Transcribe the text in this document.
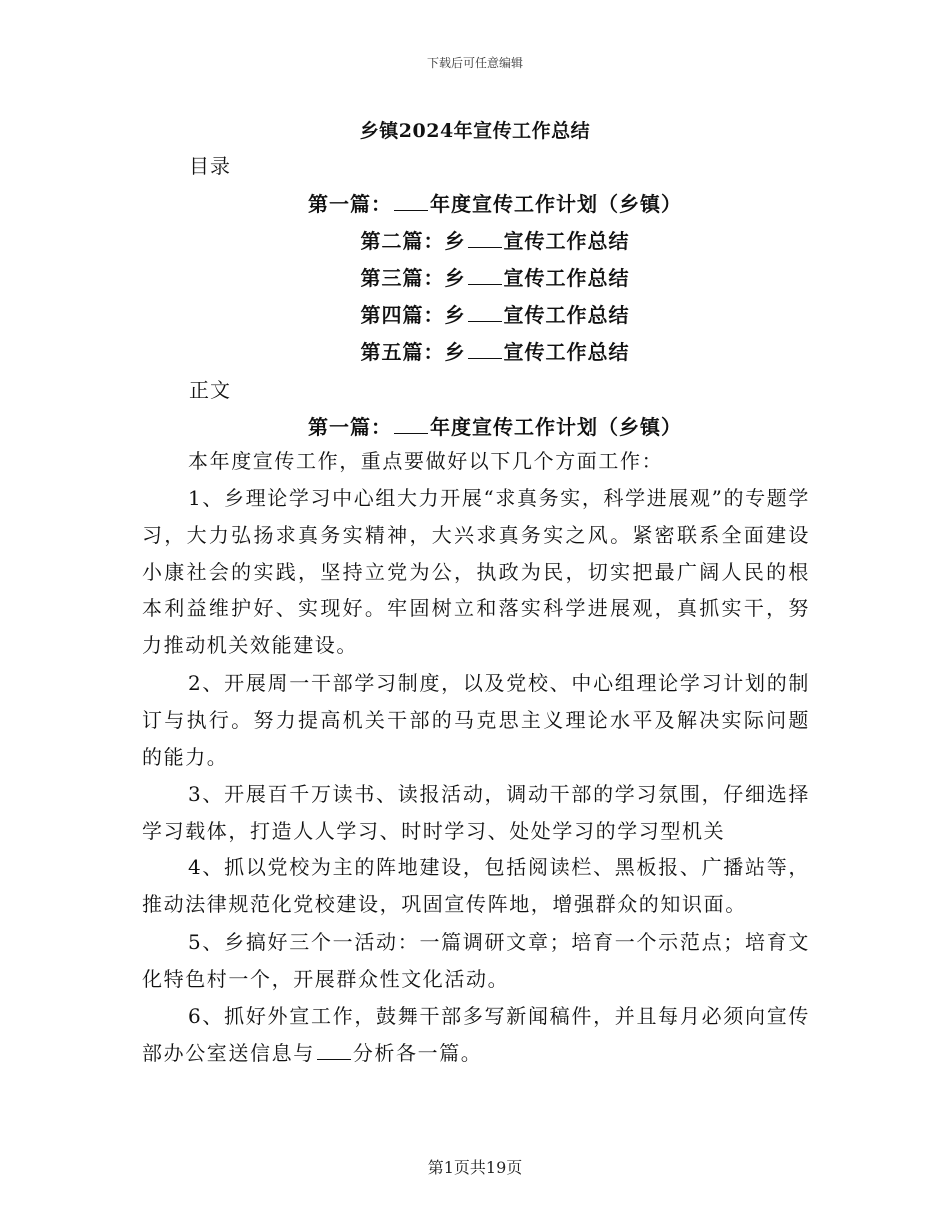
下载后可任意编辑
乡镇2024年宣传工作总结
目录
第一篇： 年度宣传工作计划（乡镇）
第二篇：乡 宣传工作总结
第三篇：乡 宣传工作总结
第四篇：乡 宣传工作总结
第五篇：乡 宣传工作总结
正文
第一篇： 年度宣传工作计划（乡镇）

本年度宣传工作，重点要做好以下几个方面工作：

1、乡理论学习中心组大力开展“求真务实，科学进展观”的专题学习，大力弘扬求真务实精神，大兴求真务实之风。紧密联系全面建设小康社会的实践，坚持立党为公，执政为民，切实把最广阔人民的根本利益维护好、实现好。牢固树立和落实科学进展观，真抓实干，努力推动机关效能建设。

2、开展周一干部学习制度，以及党校、中心组理论学习计划的制订与执行。努力提高机关干部的马克思主义理论水平及解决实际问题的能力。

3、开展百千万读书、读报活动，调动干部的学习氛围，仔细选择学习载体，打造人人学习、时时学习、处处学习的学习型机关

4、抓以党校为主的阵地建设，包括阅读栏、黑板报、广播站等，推动法律规范化党校建设，巩固宣传阵地，增强群众的知识面。

5、乡搞好三个一活动：一篇调研文章；培育一个示范点；培育文化特色村一个，开展群众性文化活动。

6、抓好外宣工作，鼓舞干部多写新闻稿件，并且每月必须向宣传部办公室送信息与 分析各一篇。

第1页共19页
